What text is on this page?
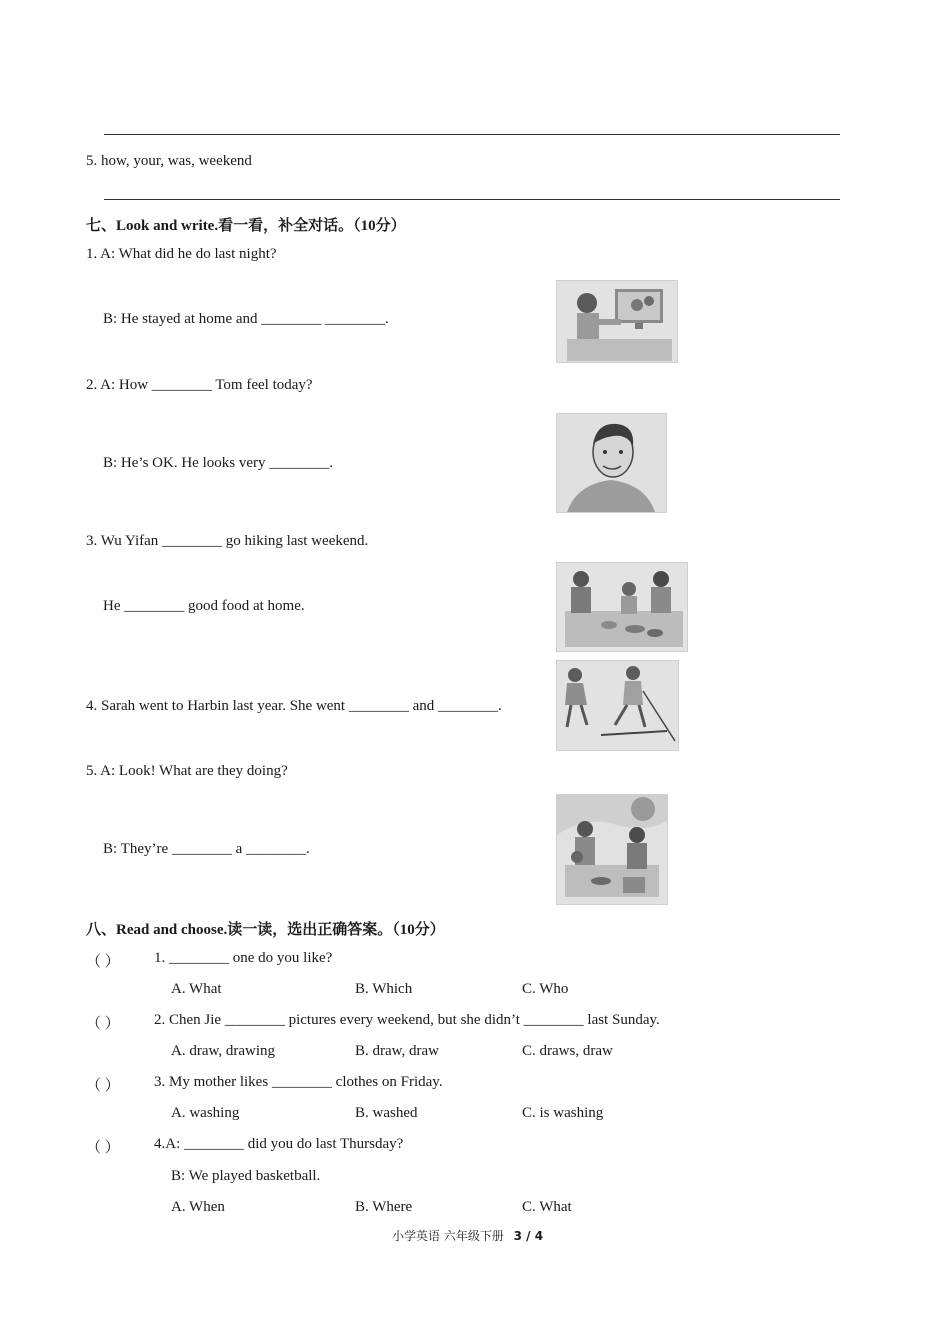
5. how, your, was, weekend
七、Look and write.看一看，补全对话。（10分）
1. A: What did he do last night?
B: He stayed at home and ________ ________.
2. A: How ________ Tom feel today?
B: He’s OK. He looks very ________.
3. Wu Yifan ________ go hiking last weekend.
He ________ good food at home.
4. Sarah went to Harbin last year. She went ________ and ________.
5. A: Look! What are they doing?
B: They’re ________ a ________.
八、Read and choose.读一读，选出正确答案。（10分）
（ ） 1. ________ one do you like?
A. What	B. Which	C. Who
（ ） 2. Chen Jie ________ pictures every weekend, but she didn’t ________ last Sunday.
A. draw, drawing	B. draw, draw	C. draws, draw
（ ） 3. My mother likes ________ clothes on Friday.
A. washing	B. washed	C. is washing
（ ） 4.A: ________ did you do last Thursday?
B: We played basketball.
A. When	B. Where	C. What
小学英语 六年级下册 3 / 4
